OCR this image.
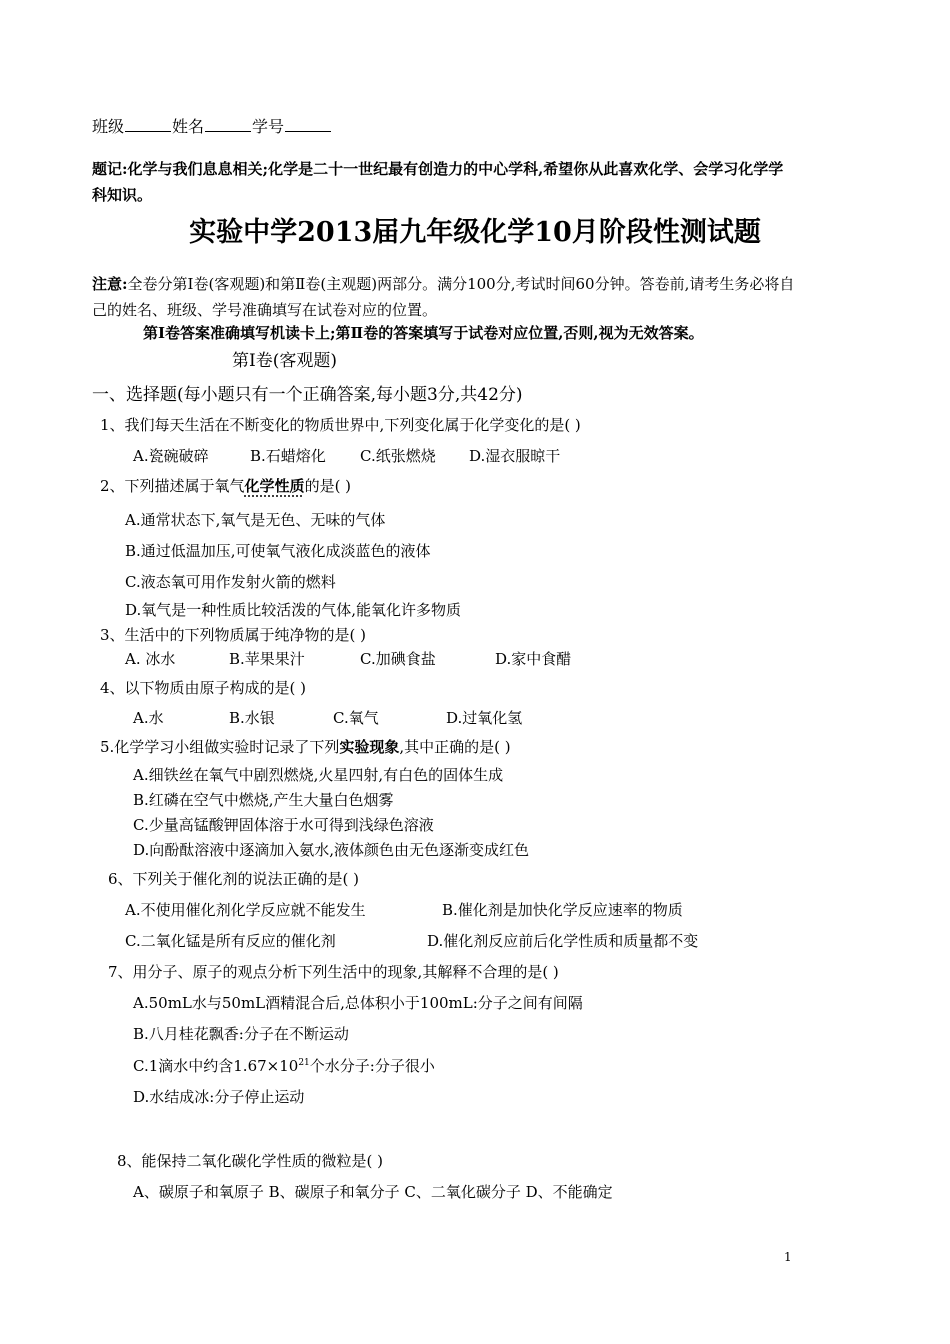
班级	姓名	学号
题记:化学与我们息息相关;化学是二十一世纪最有创造力的中心学科,希望你从此喜欢化学、会学习化学学科知识。
实验中学2013届九年级化学10月阶段性测试题
注意:全卷分第Ⅰ卷(客观题)和第Ⅱ卷(主观题)两部分。满分100分,考试时间60分钟。答卷前,请考生务必将自己的姓名、班级、学号准确填写在试卷对应的位置。
第Ⅰ卷答案准确填写机读卡上;第Ⅱ卷的答案填写于试卷对应位置,否则,视为无效答案。
第Ⅰ卷(客观题)
一、选择题(每小题只有一个正确答案,每小题3分,共42分)
1、我们每天生活在不断变化的物质世界中,下列变化属于化学变化的是( )
A.瓷碗破碎	B.石蜡熔化 C.纸张燃烧 D.湿衣服晾干
2、下列描述属于氧气化学性质的是( )
A.通常状态下,氧气是无色、无味的气体
B.通过低温加压,可使氧气液化成淡蓝色的液体
C.液态氧可用作发射火箭的燃料
D.氧气是一种性质比较活泼的气体,能氧化许多物质
3、生活中的下列物质属于纯净物的是( )
A. 冰水	B.苹果果汁	C.加碘食盐	D.家中食醋
4、以下物质由原子构成的是( )
A.水	B.水银	C.氧气	D.过氧化氢
5.化学学习小组做实验时记录了下列实验现象,其中正确的是( )
A.细铁丝在氧气中剧烈燃烧,火星四射,有白色的固体生成
B.红磷在空气中燃烧,产生大量白色烟雾
C.少量高锰酸钾固体溶于水可得到浅绿色溶液
D.向酚酞溶液中逐滴加入氨水,液体颜色由无色逐渐变成红色
6、下列关于催化剂的说法正确的是( )
A.不使用催化剂化学反应就不能发生	B.催化剂是加快化学反应速率的物质
C.二氧化锰是所有反应的催化剂	D.催化剂反应前后化学性质和质量都不变
7、用分子、原子的观点分析下列生活中的现象,其解释不合理的是( )
A.50mL水与50mL酒精混合后,总体积小于100mL:分子之间有间隔
B.八月桂花飘香:分子在不断运动
C.1滴水中约含$1.67\times 10^{21}$个水分子:分子很小
D.水结成冰:分子停止运动
8、能保持二氧化碳化学性质的微粒是( )
A、碳原子和氧原子 B、碳原子和氧分子 C、二氧化碳分子 D、不能确定
1
